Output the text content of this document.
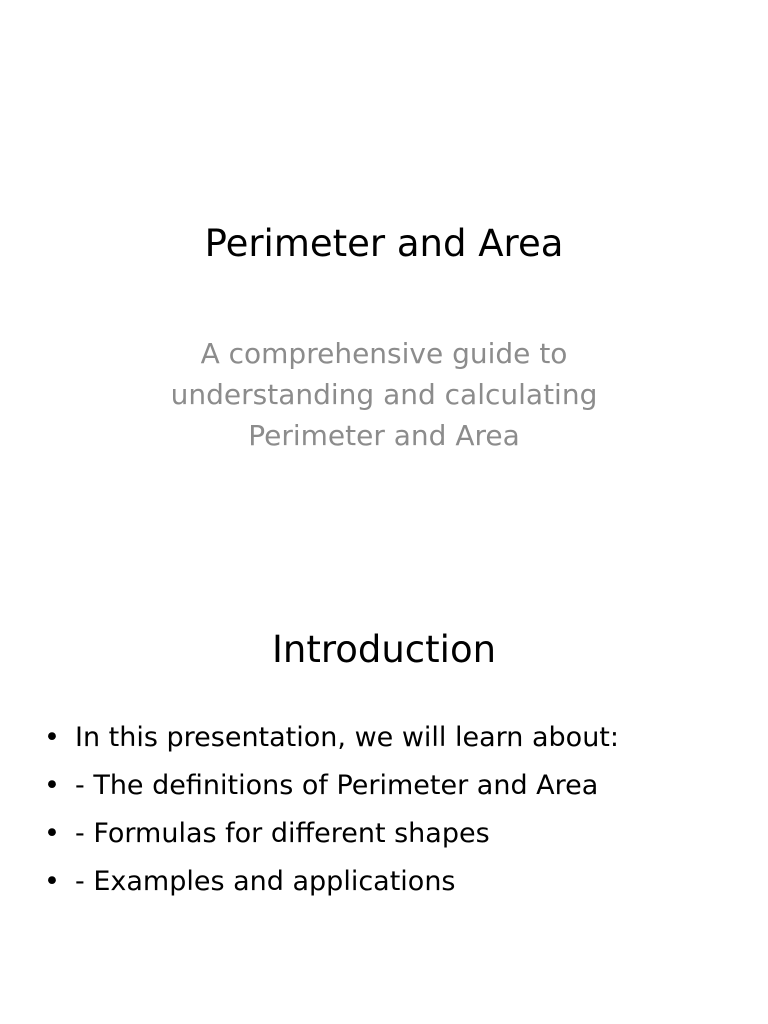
Perimeter and Area
A comprehensive guide to understanding and calculating Perimeter and Area
Introduction
• In this presentation, we will learn about:
• - The definitions of Perimeter and Area
• - Formulas for different shapes
• - Examples and applications
